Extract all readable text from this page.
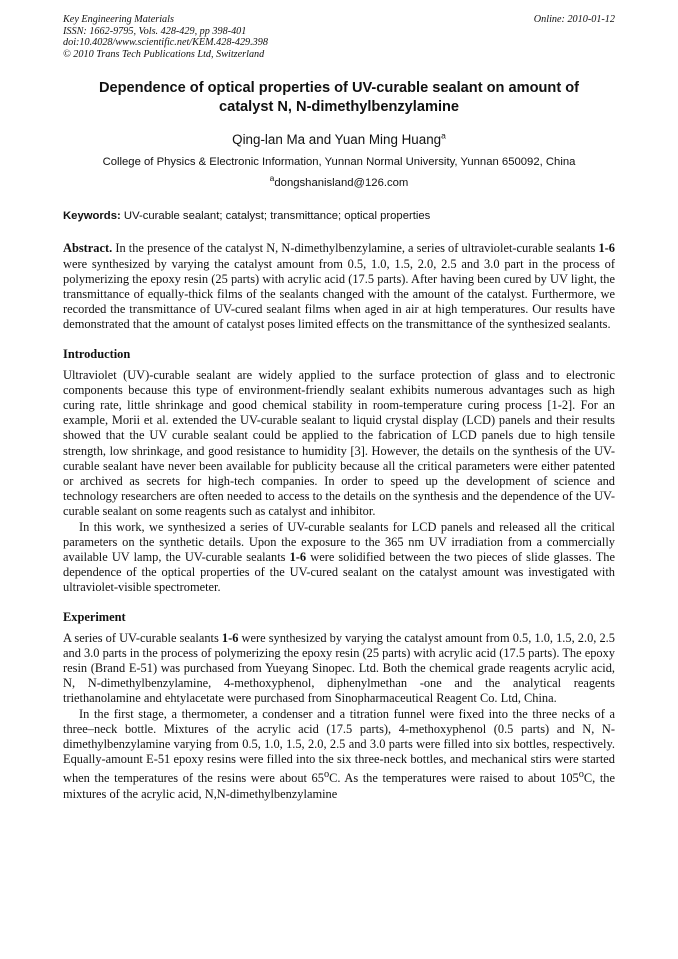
Key Engineering Materials
ISSN: 1662-9795, Vols. 428-429, pp 398-401
doi:10.4028/www.scientific.net/KEM.428-429.398
© 2010 Trans Tech Publications Ltd, Switzerland
Online: 2010-01-12
Dependence of optical properties of UV-curable sealant on amount of catalyst N, N-dimethylbenzylamine
Qing-lan Ma and Yuan Ming Huang$^a$
College of Physics & Electronic Information, Yunnan Normal University, Yunnan 650092, China
$^a$dongshanisland@126.com
Keywords: UV-curable sealant; catalyst; transmittance; optical properties

Abstract. In the presence of the catalyst N, N-dimethylbenzylamine, a series of ultraviolet-curable sealants 1-6 were synthesized by varying the catalyst amount from 0.5, 1.0, 1.5, 2.0, 2.5 and 3.0 part in the process of polymerizing the epoxy resin (25 parts) with acrylic acid (17.5 parts). After having been cured by UV light, the transmittance of equally-thick films of the sealants changed with the amount of the catalyst. Furthermore, we recorded the transmittance of UV-cured sealant films when aged in air at high temperatures. Our results have demonstrated that the amount of catalyst poses limited effects on the transmittance of the synthesized sealants.

Introduction

Ultraviolet (UV)-curable sealant are widely applied to the surface protection of glass and to electronic components because this type of environment-friendly sealant exhibits numerous advantages such as high curing rate, little shrinkage and good chemical stability in room-temperature curing process [1-2]. For an example, Morii et al. extended the UV-curable sealant to liquid crystal display (LCD) panels and their results showed that the UV curable sealant could be applied to the fabrication of LCD panels due to high tensile strength, low shrinkage, and good resistance to humidity [3]. However, the details on the synthesis of the UV-curable sealant have never been available for publicity because all the critical parameters were either patented or archived as secrets for high-tech companies. In order to speed up the development of science and technology researchers are often needed to access to the details on the synthesis and the dependence of the UV-curable sealant on some reagents such as catalyst and inhibitor.

In this work, we synthesized a series of UV-curable sealants for LCD panels and released all the critical parameters on the synthetic details. Upon the exposure to the 365 nm UV irradiation from a commercially available UV lamp, the UV-curable sealants 1-6 were solidified between the two pieces of slide glasses. The dependence of the optical properties of the UV-cured sealant on the catalyst amount was investigated with ultraviolet-visible spectrometer.

Experiment

A series of UV-curable sealants 1-6 were synthesized by varying the catalyst amount from 0.5, 1.0, 1.5, 2.0, 2.5 and 3.0 parts in the process of polymerizing the epoxy resin (25 parts) with acrylic acid (17.5 parts). The epoxy resin (Brand E-51) was purchased from Yueyang Sinopec. Ltd. Both the chemical grade reagents acrylic acid, N, N-dimethylbenzylamine, 4-methoxyphenol, diphenylmethan -one and the analytical reagents triethanolamine and ehtylacetate were purchased from Sinopharmaceutical Reagent Co. Ltd, China.

In the first stage, a thermometer, a condenser and a titration funnel were fixed into the three necks of a three–neck bottle. Mixtures of the acrylic acid (17.5 parts), 4-methoxyphenol (0.5 parts) and N, N-dimethylbenzylamine varying from 0.5, 1.0, 1.5, 2.0, 2.5 and 3.0 parts were filled into six bottles, respectively. Equally-amount E-51 epoxy resins were filled into the six three-neck bottles, and mechanical stirs were started when the temperatures of the resins were about 65$^o$C. As the temperatures were raised to about 105$^o$C, the mixtures of the acrylic acid, N,N-dimethylbenzylamine
